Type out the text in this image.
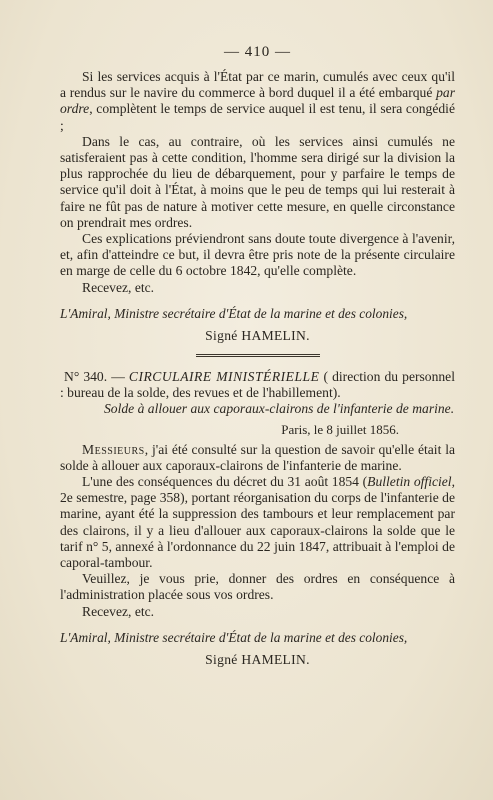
— 410 —

Si les services acquis à l'État par ce marin, cumulés avec ceux qu'il a rendus sur le navire du commerce à bord duquel il a été embarqué par ordre, complètent le temps de service auquel il est tenu, il sera congédié ;

Dans le cas, au contraire, où les services ainsi cumulés ne satisferaient pas à cette condition, l'homme sera dirigé sur la division la plus rapprochée du lieu de débarquement, pour y parfaire le temps de service qu'il doit à l'État, à moins que le peu de temps qui lui resterait à faire ne fût pas de nature à motiver cette mesure, en quelle circonstance on prendrait mes ordres.

Ces explications préviendront sans doute toute divergence à l'avenir, et, afin d'atteindre ce but, il devra être pris note de la présente circulaire en marge de celle du 6 octobre 1842, qu'elle complète.

Recevez, etc.

L'Amiral, Ministre secrétaire d'État de la marine et des colonies,

Signé HAMELIN.

N° 340. — CIRCULAIRE MINISTÉRIELLE ( direction du personnel : bureau de la solde, des revues et de l'habillement).

Solde à allouer aux caporaux-clairons de l'infanterie de marine.

Paris, le 8 juillet 1856.

Messieurs, j'ai été consulté sur la question de savoir qu'elle était la solde à allouer aux caporaux-clairons de l'infanterie de marine.

L'une des conséquences du décret du 31 août 1854 (Bulletin officiel, 2e semestre, page 358), portant réorganisation du corps de l'infanterie de marine, ayant été la suppression des tambours et leur remplacement par des clairons, il y a lieu d'allouer aux caporaux-clairons la solde que le tarif n° 5, annexé à l'ordonnance du 22 juin 1847, attribuait à l'emploi de caporal-tambour.

Veuillez, je vous prie, donner des ordres en conséquence à l'administration placée sous vos ordres.

Recevez, etc.

L'Amiral, Ministre secrétaire d'État de la marine et des colonies,

Signé HAMELIN.
